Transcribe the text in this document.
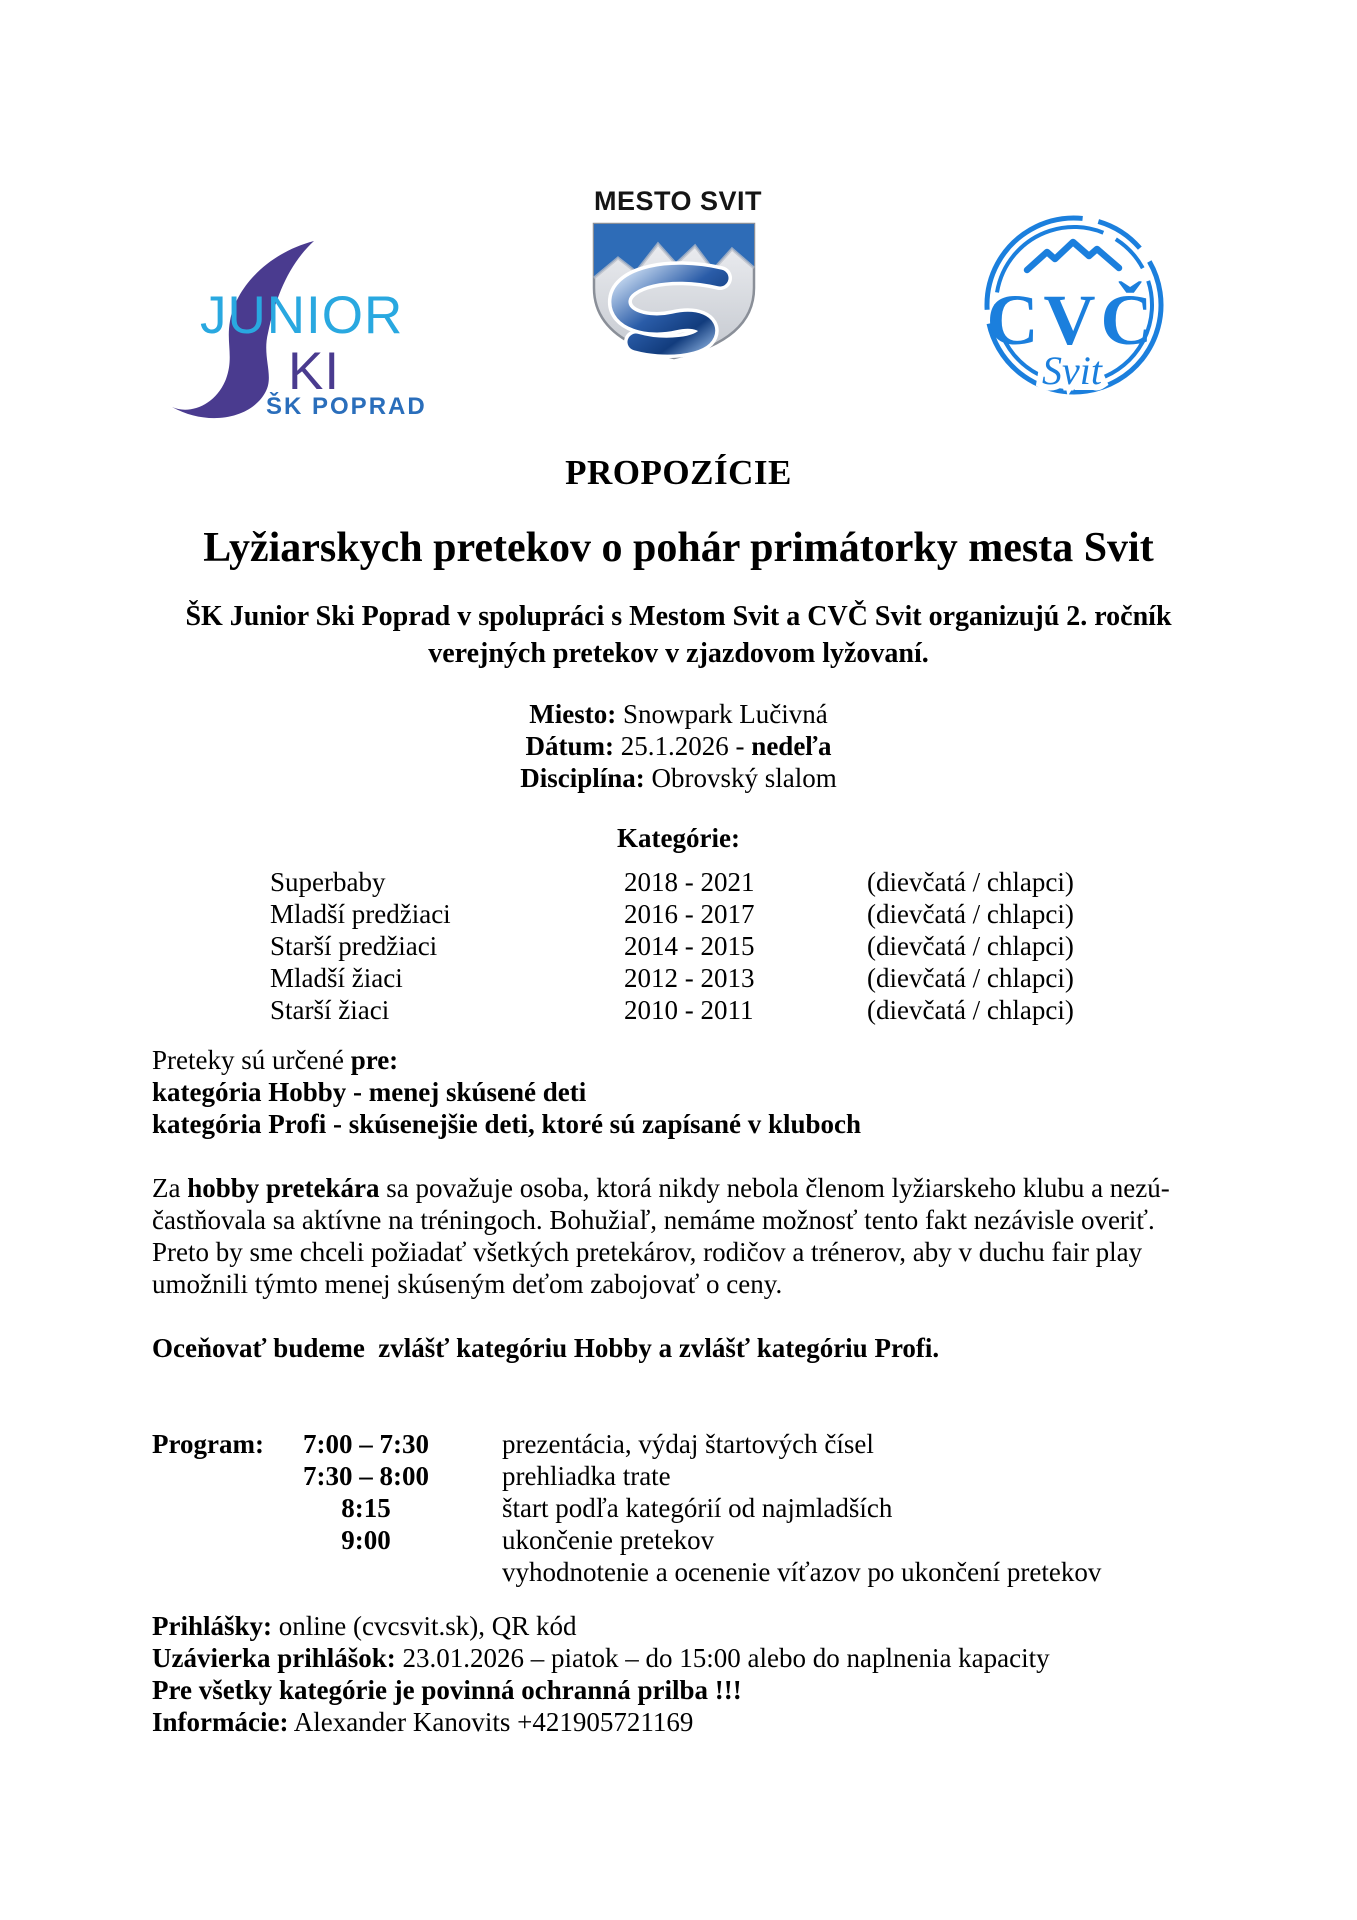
JUNIOR
KI
ŠK POPRAD
MESTO SVIT
CVČ
Svit
PROPOZÍCIE
Lyžiarskych pretekov o pohár primátorky mesta Svit
ŠK Junior Ski Poprad v spolupráci s Mestom Svit a CVČ Svit organizujú 2. ročník
verejných pretekov v zjazdovom lyžovaní.
Miesto: Snowpark Lučivná
Dátum: 25.1.2026 - nedeľa
Disciplína: Obrovský slalom
Kategórie:
Superbaby	2018 - 2021	(dievčatá / chlapci)
Mladší predžiaci	2016 - 2017	(dievčatá / chlapci)
Starší predžiaci	2014 - 2015	(dievčatá / chlapci)
Mladší žiaci	2012 - 2013	(dievčatá / chlapci)
Starší žiaci	2010 - 2011	(dievčatá / chlapci)
Preteky sú určené pre:
kategória Hobby - menej skúsené deti
kategória Profi - skúsenejšie deti, ktoré sú zapísané v kluboch
Za hobby pretekára sa považuje osoba, ktorá nikdy nebola členom lyžiarskeho klubu a nezú-
častňovala sa aktívne na tréningoch. Bohužiaľ, nemáme možnosť tento fakt nezávisle overiť.
Preto by sme chceli požiadať všetkých pretekárov, rodičov a trénerov, aby v duchu fair play
umožnili týmto menej skúseným deťom zabojovať o ceny.
Oceňovať budeme  zvlášť kategóriu Hobby a zvlášť kategóriu Profi.
Program:	7:00 – 7:30	prezentácia, výdaj štartových čísel
7:30 – 8:00	prehliadka trate
8:15	štart podľa kategórií od najmladších
9:00	ukončenie pretekov
vyhodnotenie a ocenenie víťazov po ukončení pretekov
Prihlášky: online (cvcsvit.sk), QR kód
Uzávierka prihlášok: 23.01.2026 – piatok – do 15:00 alebo do naplnenia kapacity
Pre všetky kategórie je povinná ochranná prilba !!!
Informácie: Alexander Kanovits +421905721169
